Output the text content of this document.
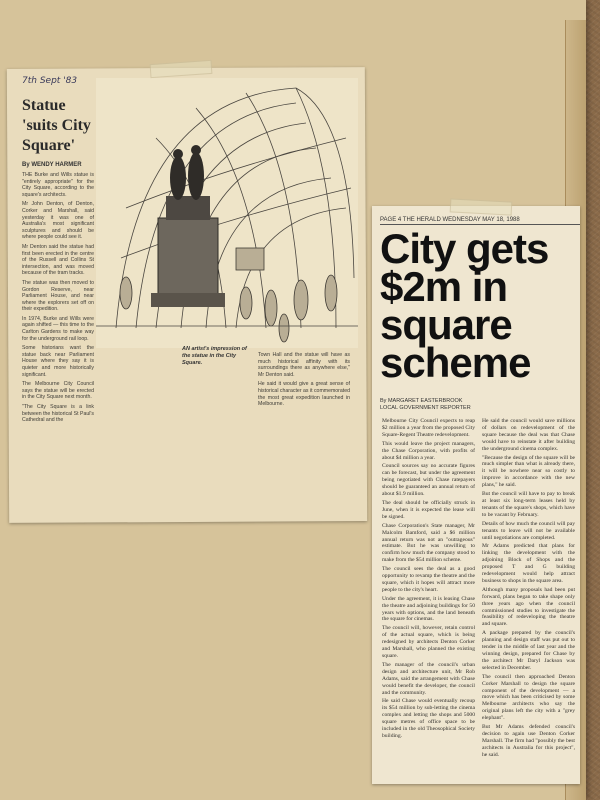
7th Sept '83
Statue 'suits City Square'
By WENDY HARMER

THE Burke and Wills statue is "entirely appropriate" for the City Square, according to the square's architects.

Mr John Denton, of Denton, Corker and Marshall, said yesterday it was one of Australia's most significant sculptures and should be where people could see it.

Mr Denton said the statue had first been erected in the centre of the Russell and Collins St intersection, and was moved because of the tram tracks.

The statue was then moved to Gordon Reserve, near Parliament House, and near where the explorers set off on their expedition.

In 1974, Burke and Wills were again shifted — this time to the Carlton Gardens to make way for the underground rail loop.

Some historians want the statue back near Parliament House where they say it is quieter and more historically significant.

The Melbourne City Council says the statue will be erected in the City Square next month.

"The City Square is a link between the historical St Paul's Cathedral and the

AN artist's impression of the statue in the City Square.

Town Hall and the statue will have as much historical affinity with its surroundings there as anywhere else," Mr Denton said.

He said it would give a great sense of historical character as it commemorated the most great expedition launched in Melbourne.

PAGE 4 THE HERALD WEDNESDAY MAY 18, 1988
City gets $2m in square scheme
By MARGARET EASTERBROOK
LOCAL GOVERNMENT REPORTER

Melbourne City Council expects to reap $2 million a year from the proposed City Square-Regent Theatre redevelopment.

This would leave the project managers, the Chase Corporation, with profits of about $4 million a year.

Council sources say no accurate figures can be forecast, but under the agreement being negotiated with Chase ratepayers should be guaranteed an annual return of about $1.9 million.

The deal should be officially struck in June, when it is expected the lease will be signed.

Chase Corporation's State manager, Mr Malcolm Bamford, said a $6 million annual return was not an "outrageous" estimate. But he was unwilling to confirm how much the company stood to make from the $54 million scheme.

The council sees the deal as a good opportunity to revamp the theatre and the square, which it hopes will attract more people to the city's heart.

Under the agreement, it is leasing Chase the theatre and adjoining buildings for 50 years with options, and the land beneath the square for cinemas.

The council will, however, retain control of the actual square, which is being redesigned by architects Denton Corker and Marshall, who planned the existing square.

The manager of the council's urban design and architecture unit, Mr Rob Adams, said the arrangement with Chase would benefit the developer, the council and the community.

He said Chase would eventually recoup its $54 million by sub-letting the cinema complex and letting the shops and 5000 square metres of office space to be included in the old Theosophical Society building.

He said the council would save millions of dollars on redevelopment of the square because the deal was that Chase would have to reinstate it after building the underground cinema complex.

"Because the design of the square will be much simpler than what is already there, it will be nowhere near so costly to improve in accordance with the new plans," he said.

But the council will have to pay to break at least six long-term leases held by tenants of the square's shops, which have to be vacant by February.

Details of how much the council will pay tenants to leave will not be available until negotiations are completed.

Mr Adams predicted that plans for linking the development with the adjoining Block of Shops and the proposed T and G building redevelopment would help attract business to shops in the square area.

Although many proposals had been put forward, plans began to take shape only three years ago when the council commissioned studies to investigate the feasibility of redeveloping the theatre and square.

A package prepared by the council's planning and design staff was put out to tender in the middle of last year and the winning design, prepared for Chase by the architect Mr Daryl Jackson was selected in December.

The council then approached Denton Corker Marshall to design the square component of the development — a move which has been criticised by some Melbourne architects who say the original plans left the city with a "grey elephant".

But Mr Adams defended council's decision to again use Denton Corker Marshall. The firm had "possibly the best architects in Australia for this project", he said.
